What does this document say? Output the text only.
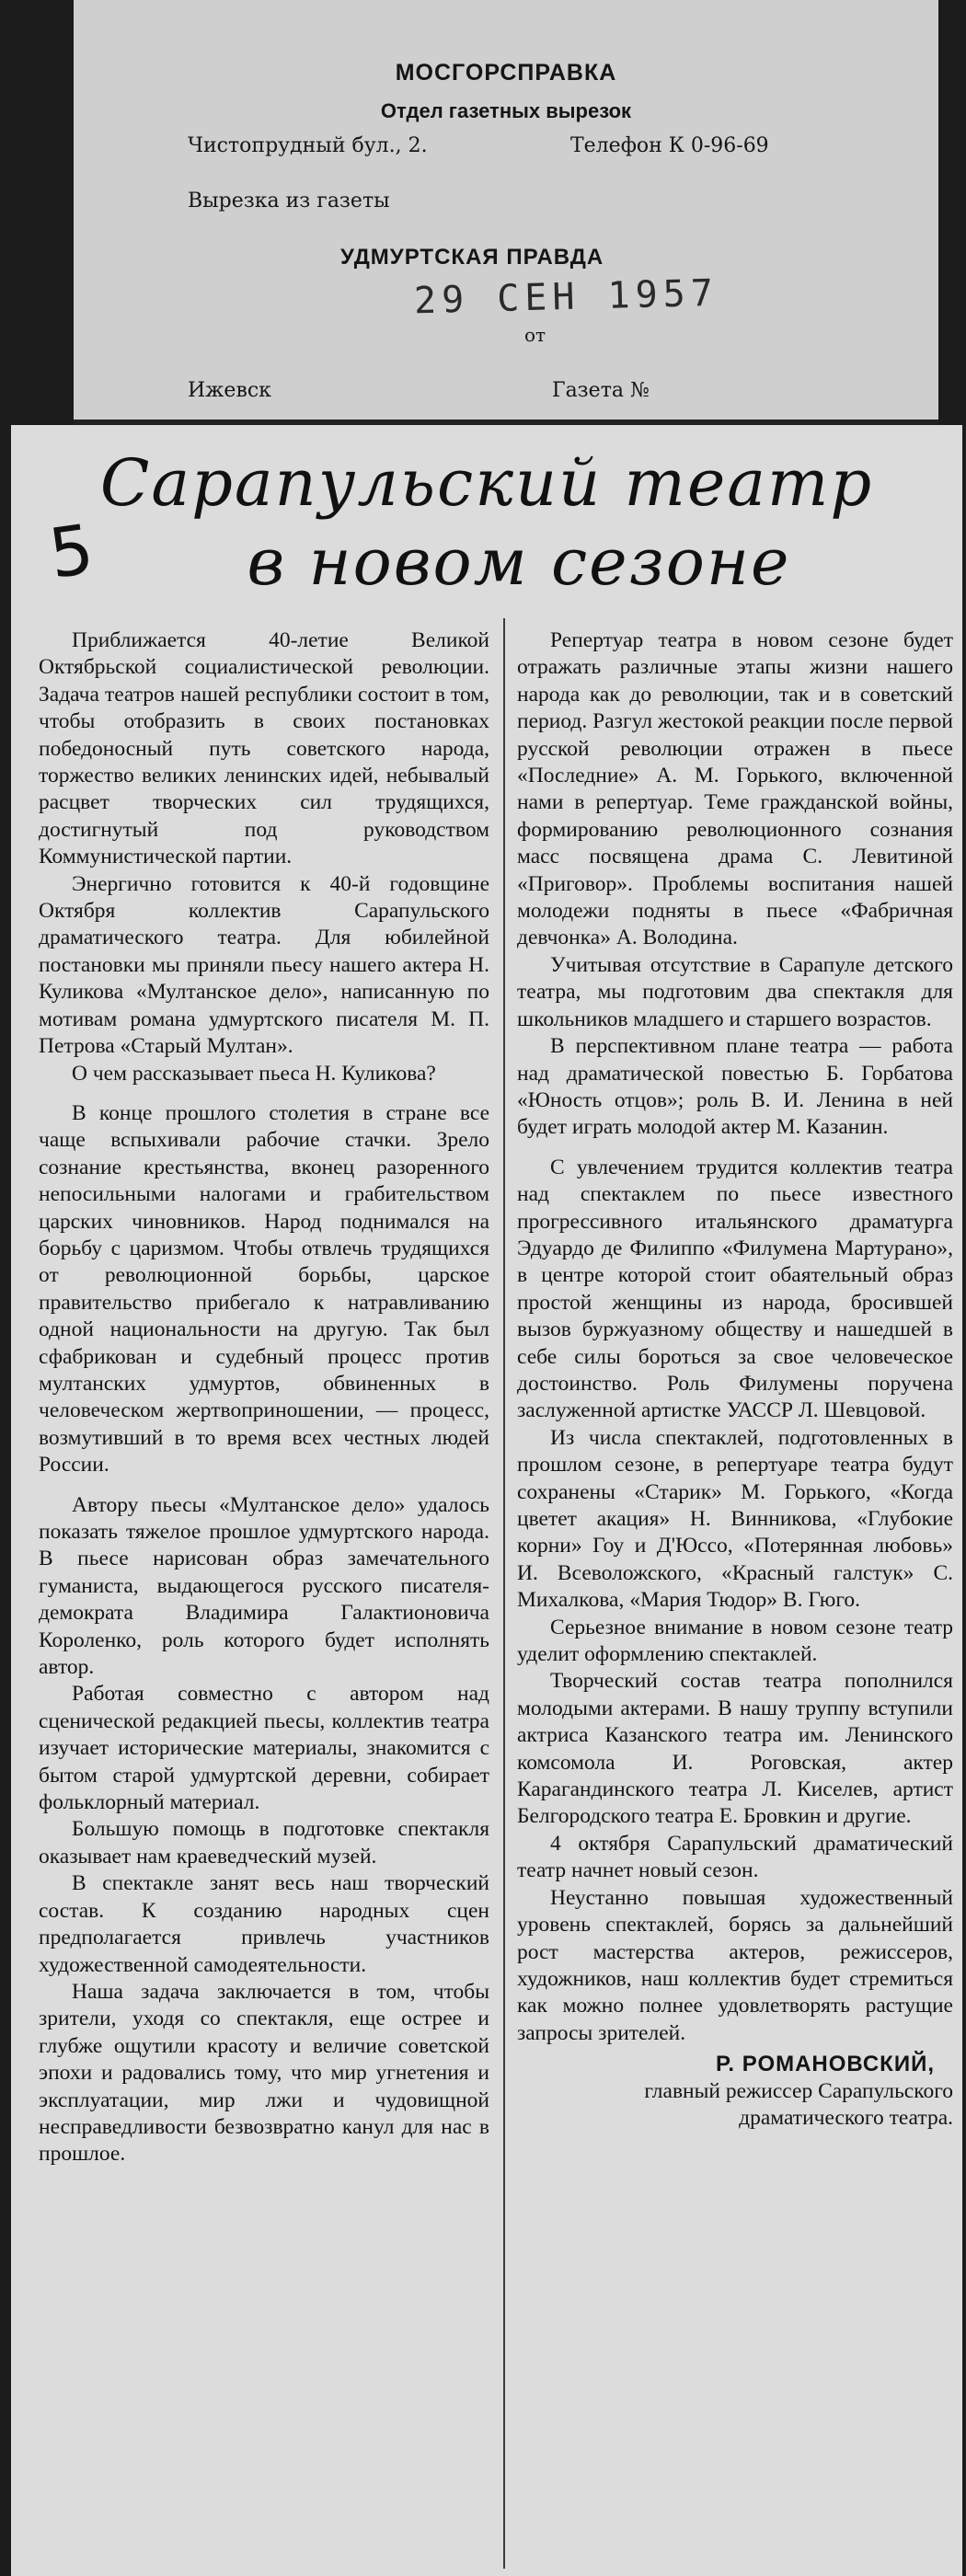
МОСГОРСПРАВКА
Отдел газетных вырезок
Чистопрудный бул., 2.	Телефон К 0-96-69
Вырезка из газеты
УДМУРТСКАЯ ПРАВДА
29 СЕН 1957
от
Ижевск	Газета №
5
Сарапульский театр
в новом сезоне

Приближается 40-летие Великой Октябрьской социалистической революции. Задача театров нашей республики состоит в том, чтобы отобразить в своих постановках победоносный путь советского народа, торжество великих ленинских идей, небывалый расцвет творческих сил трудящихся, достигнутый под руководством Коммунистической партии.

Энергично готовится к 40-й годовщине Октября коллектив Сарапульского драматического театра. Для юбилейной постановки мы приняли пьесу нашего актера Н. Куликова «Мултанское дело», написанную по мотивам романа удмуртского писателя М. П. Петрова «Старый Мултан».

О чем рассказывает пьеса Н. Куликова?

В конце прошлого столетия в стране все чаще вспыхивали рабочие стачки. Зрело сознание крестьянства, вконец разоренного непосильными налогами и грабительством царских чиновников. Народ поднимался на борьбу с царизмом. Чтобы отвлечь трудящихся от революционной борьбы, царское правительство прибегало к натравливанию одной национальности на другую. Так был сфабрикован и судебный процесс против мултанских удмуртов, обвиненных в человеческом жертвоприношении, — процесс, возмутивший в то время всех честных людей России.

Автору пьесы «Мултанское дело» удалось показать тяжелое прошлое удмуртского народа. В пьесе нарисован образ замечательного гуманиста, выдающегося русского писателя-демократа Владимира Галактионовича Короленко, роль которого будет исполнять автор.

Работая совместно с автором над сценической редакцией пьесы, коллектив театра изучает исторические материалы, знакомится с бытом старой удмуртской деревни, собирает фольклорный материал.

Большую помощь в подготовке спектакля оказывает нам краеведческий музей.

В спектакле занят весь наш творческий состав. К созданию народных сцен предполагается привлечь участников художественной самодеятельности.

Наша задача заключается в том, чтобы зрители, уходя со спектакля, еще острее и глубже ощутили красоту и величие советской эпохи и радовались тому, что мир угнетения и эксплуатации, мир лжи и чудовищной несправедливости безвозвратно канул для нас в прошлое.

Репертуар театра в новом сезоне будет отражать различные этапы жизни нашего народа как до революции, так и в советский период. Разгул жестокой реакции после первой русской революции отражен в пьесе «Последние» А. М. Горького, включенной нами в репертуар. Теме гражданской войны, формированию революционного сознания масс посвящена драма С. Левитиной «Приговор». Проблемы воспитания нашей молодежи подняты в пьесе «Фабричная девчонка» А. Володина.

Учитывая отсутствие в Сарапуле детского театра, мы подготовим два спектакля для школьников младшего и старшего возрастов.

В перспективном плане театра — работа над драматической повестью Б. Горбатова «Юность отцов»; роль В. И. Ленина в ней будет играть молодой актер М. Казанин.

С увлечением трудится коллектив театра над спектаклем по пьесе известного прогрессивного итальянского драматурга Эдуардо де Филиппо «Филумена Мартурано», в центре которой стоит обаятельный образ простой женщины из народа, бросившей вызов буржуазному обществу и нашедшей в себе силы бороться за свое человеческое достоинство. Роль Филумены поручена заслуженной артистке УАССР Л. Шевцовой.

Из числа спектаклей, подготовленных в прошлом сезоне, в репертуаре театра будут сохранены «Старик» М. Горького, «Когда цветет акация» Н. Винникова, «Глубокие корни» Гоу и Д'Юссо, «Потерянная любовь» И. Всеволожского, «Красный галстук» С. Михалкова, «Мария Тюдор» В. Гюго.

Серьезное внимание в новом сезоне театр уделит оформлению спектаклей.

Творческий состав театра пополнился молодыми актерами. В нашу труппу вступили актриса Казанского театра им. Ленинского комсомола И. Роговская, актер Карагандинского театра Л. Киселев, артист Белгородского театра Е. Бровкин и другие.

4 октября Сарапульский драматический театр начнет новый сезон.

Неустанно повышая художественный уровень спектаклей, борясь за дальнейший рост мастерства актеров, режиссеров, художников, наш коллектив будет стремиться как можно полнее удовлетворять растущие запросы зрителей.

Р. РОМАНОВСКИЙ,
главный режиссер Сарапульского драматического театра.
